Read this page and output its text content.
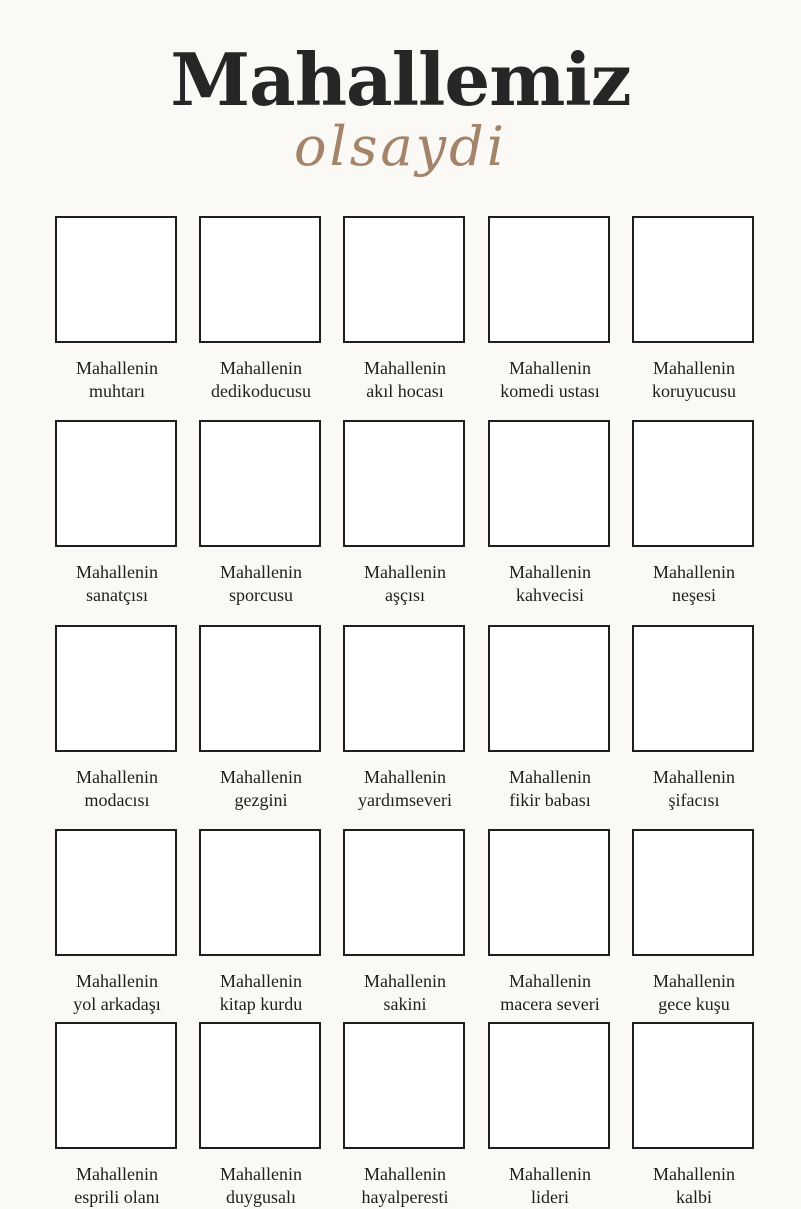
Mahallemiz
olsaydi
Mahallenin
muhtarı
Mahallenin
dedikoducusu
Mahallenin
akıl hocası
Mahallenin
komedi ustası
Mahallenin
koruyucusu
Mahallenin
sanatçısı
Mahallenin
sporcusu
Mahallenin
aşçısı
Mahallenin
kahvecisi
Mahallenin
neşesi
Mahallenin
modacısı
Mahallenin
gezgini
Mahallenin
yardımseveri
Mahallenin
fikir babası
Mahallenin
şifacısı
Mahallenin
yol arkadaşı
Mahallenin
kitap kurdu
Mahallenin
sakini
Mahallenin
macera severi
Mahallenin
gece kuşu
Mahallenin
esprili olanı
Mahallenin
duygusalı
Mahallenin
hayalperesti
Mahallenin
lideri
Mahallenin
kalbi
